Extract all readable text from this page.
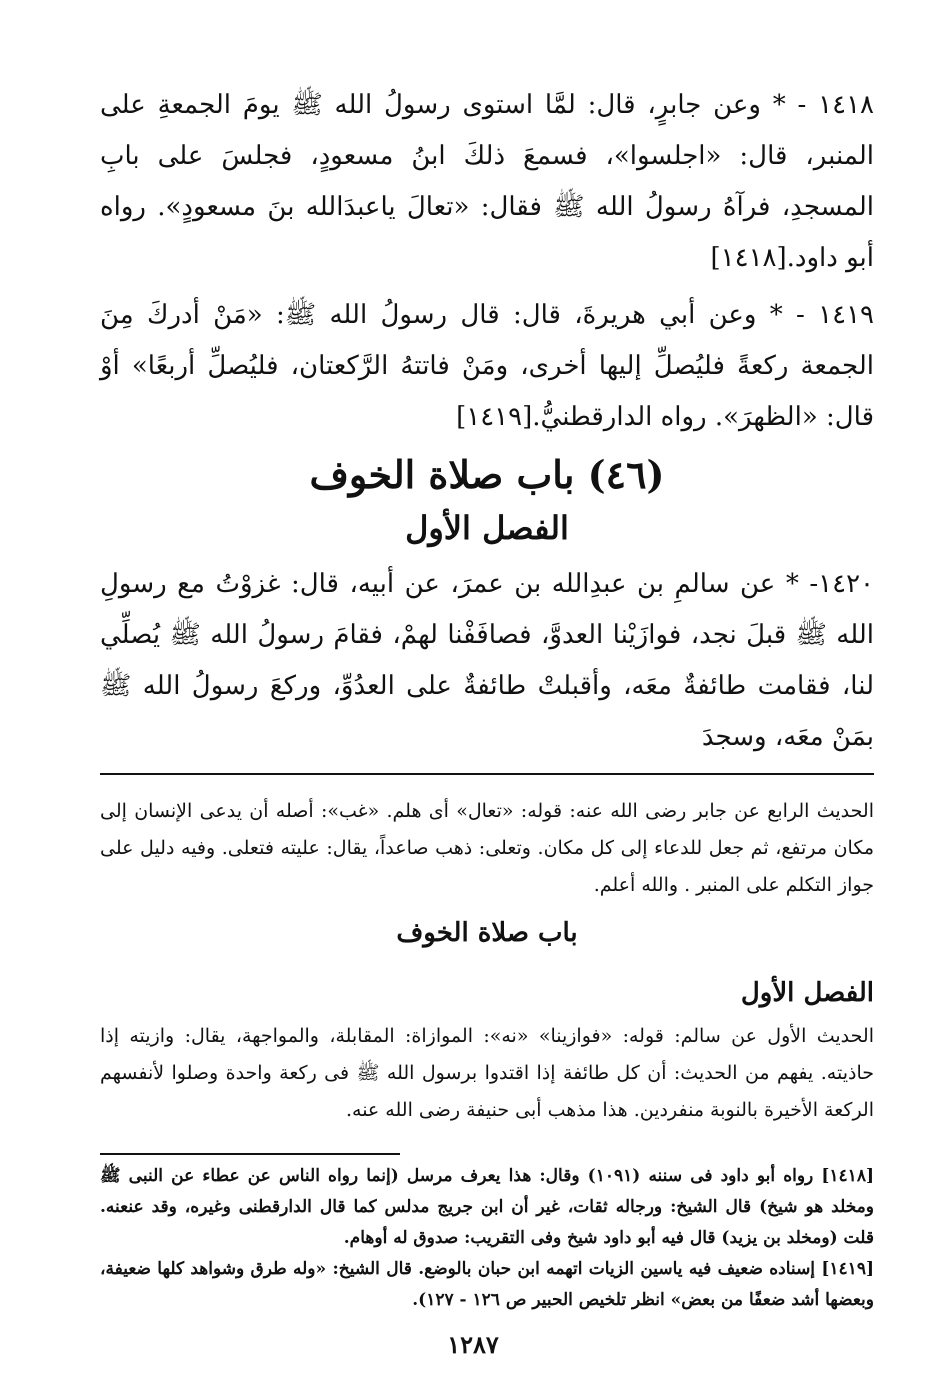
١٤١٨ - * وعن جابرٍ، قال: لمَّا استوى رسولُ الله ﷺ يومَ الجمعةِ على المنبر، قال: «اجلسوا»، فسمعَ ذلكَ ابنُ مسعودٍ، فجلسَ على بابِ المسجدِ، فرآهُ رسولُ الله ﷺ فقال: «تعالَ ياعبدَالله بنَ مسعودٍ». رواه أبو داود.[١٤١٨]

١٤١٩ - * وعن أبي هريرةَ، قال: قال رسولُ الله ﷺ: «مَنْ أدركَ مِنَ الجمعة ركعةً فليُصلِّ إليها أخرى، ومَنْ فاتتهُ الرَّكعتان، فليُصلِّ أربعًا» أوْ قال: «الظهرَ». رواه الدارقطنيُّ.[١٤١٩]

(٤٦) باب صلاة الخوف
الفصل الأول

١٤٢٠- * عن سالمِ بن عبدِالله بن عمرَ، عن أبيه، قال: غزوْتُ مع رسولِ الله ﷺ قبلَ نجد، فوازَيْنا العدوَّ، فصافَفْنا لهمْ، فقامَ رسولُ الله ﷺ يُصلِّي لنا، فقامت طائفةٌ معَه، وأقبلتْ طائفةٌ على العدُوِّ، وركعَ رسولُ الله ﷺ بمَنْ معَه، وسجدَ

الحديث الرابع عن جابر رضى الله عنه: قوله: «تعال» أى هلم. «غب»: أصله أن يدعى الإنسان إلى مكان مرتفع، ثم جعل للدعاء إلى كل مكان. وتعلى: ذهب صاعداً، يقال: عليته فتعلى. وفيه دليل على جواز التكلم على المنبر . والله أعلم.

باب صلاة الخوف
الفصل الأول

الحديث الأول عن سالم: قوله: «فوازينا» «نه»: الموازاة: المقابلة، والمواجهة، يقال: وازيته إذا حاذيته. يفهم من الحديث: أن كل طائفة إذا اقتدوا برسول الله ﷺ فى ركعة واحدة وصلوا لأنفسهم الركعة الأخيرة بالنوبة منفردين. هذا مذهب أبى حنيفة رضى الله عنه.

[١٤١٨] رواه أبو داود فى سننه (١٠٩١) وقال: هذا يعرف مرسل (إنما رواه الناس عن عطاء عن النبى ﷺ ومخلد هو شيخ) قال الشيخ: ورجاله ثقات، غير أن ابن جريج مدلس كما قال الدارقطنى وغيره، وقد عنعنه. قلت (ومخلد بن يزيد) قال فيه أبو داود شيخ وفى التقريب: صدوق له أوهام.

[١٤١٩] إسناده ضعيف فيه ياسين الزيات اتهمه ابن حبان بالوضع. قال الشيخ: «وله طرق وشواهد كلها ضعيفة، وبعضها أشد ضعفًا من بعض» انظر تلخيص الحبير ص ١٢٦ - ١٢٧).

١٢٨٧
